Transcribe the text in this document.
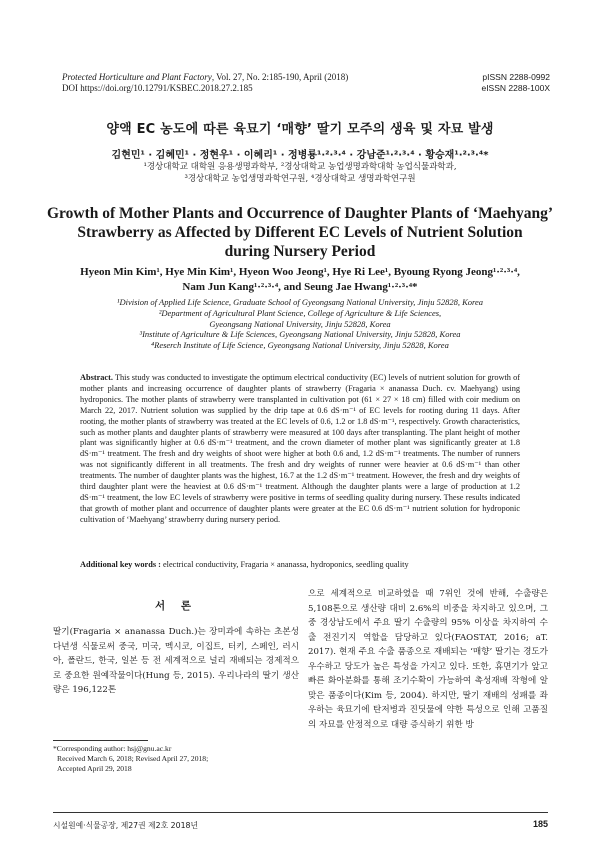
Protected Horticulture and Plant Factory, Vol. 27, No. 2:185-190, April (2018)
DOI https://doi.org/10.12791/KSBEC.2018.27.2.185
pISSN 2288-0992
eISSN 2288-100X
양액 EC 농도에 따른 육묘기 ‘매향’ 딸기 모주의 생육 및 자묘 발생
김현민¹ · 김혜민¹ · 정현우¹ · 이혜리¹ · 정병룡¹·²·³·⁴ · 강남준¹·²·³·⁴ · 황승재¹·²·³·⁴*
¹경상대학교 대학원 응용생명과학부, ²경상대학교 농업생명과학대학 농업식물과학과,
³경상대학교 농업생명과학연구원, ⁴경상대학교 생명과학연구원
Growth of Mother Plants and Occurrence of Daughter Plants of ‘Maehyang’
Strawberry as Affected by Different EC Levels of Nutrient Solution
during Nursery Period
Hyeon Min Kim¹, Hye Min Kim¹, Hyeon Woo Jeong¹, Hye Ri Lee¹, Byoung Ryong Jeong¹·²·³·⁴,
Nam Jun Kang¹·²·³·⁴, and Seung Jae Hwang¹·²·³·⁴*
¹Division of Applied Life Science, Graduate School of Gyeongsang National University, Jinju 52828, Korea
²Department of Agricultural Plant Science, College of Agriculture & Life Sciences,
Gyeongsang National University, Jinju 52828, Korea
³Institute of Agriculture & Life Sciences, Gyeongsang National University, Jinju 52828, Korea
⁴Reserch Institute of Life Science, Gyeongsang National University, Jinju 52828, Korea
Abstract. This study was conducted to investigate the optimum electrical conductivity (EC) levels of nutrient solution for growth of mother plants and increasing occurrence of daughter plants of strawberry (Fragaria × ananassa Duch. cv. Maehyang) using hydroponics. The mother plants of strawberry were transplanted in cultivation pot (61 × 27 × 18 cm) filled with coir medium on March 22, 2017. Nutrient solution was supplied by the drip tape at 0.6 dS·m⁻¹ of EC levels for rooting during 11 days. After rooting, the mother plants of strawberry was treated at the EC levels of 0.6, 1.2 or 1.8 dS·m⁻¹, respectively. Growth characteristics, such as mother plants and daughter plants of strawberry were measured at 100 days after transplanting. The plant height of mother plant was significantly higher at 0.6 dS·m⁻¹ treatment, and the crown diameter of mother plant was significantly greater at 1.8 dS·m⁻¹ treatment. The fresh and dry weights of shoot were higher at both 0.6 and, 1.2 dS·m⁻¹ treatments. The number of runners was not significantly different in all treatments. The fresh and dry weights of runner were heavier at 0.6 dS·m⁻¹ than other treatments. The number of daughter plants was the highest, 16.7 at the 1.2 dS·m⁻¹ treatment. However, the fresh and dry weights of third daughter plant were the heaviest at 0.6 dS·m⁻¹ treatment. Although the daughter plants were a large of production at 1.2 dS·m⁻¹ treatment, the low EC levels of strawberry were positive in terms of seedling quality during nursery. These results indicated that growth of mother plant and occurrence of daughter plants were greater at the EC 0.6 dS·m⁻¹ nutrient solution for hydroponic cultivation of ‘Maehyang’ strawberry during nursery period.
Additional key words : electrical conductivity, Fragaria × ananassa, hydroponics, seedling quality
서 론
딸기(Fragaria × ananassa Duch.)는 장미과에 속하는 초본성 다년생 식물로써 중국, 미국, 멕시코, 이집트, 터키, 스페인, 러시아, 폴란드, 한국, 일본 등 전 세계적으로 널리 재배되는 경제적으로 중요한 원예작물이다(Hung 등, 2015). 우리나라의 딸기 생산량은 196,122톤
으로 세계적으로 비교하였을 때 7위인 것에 반해, 수출량은 5,108톤으로 생산량 대비 2.6%의 비중을 차지하고 있으며, 그 중 경상남도에서 주요 딸기 수출량의 95% 이상을 차지하여 수출 전진기지 역할을 담당하고 있다(FAOSTAT, 2016; aT. 2017). 현재 주요 수출 품종으로 재배되는 ‘매향’ 딸기는 경도가 우수하고 당도가 높은 특성을 가지고 있다. 또한, 휴면기가 앞고 빠른 화아분화를 통해 조기수확이 가능하여 촉성재배 작형에 알맞은 품종이다(Kim 등, 2004). 하지만, 딸기 재배의 성패를 좌우하는 육묘기에 탄저병과 진딧물에 약한 특성으로 인해 고품질의 자묘를 안정적으로 대량 증식하기 위한 방
*Corresponding author: hsj@gnu.ac.kr
Received March 6, 2018; Revised April 27, 2018;
Accepted April 29, 2018
시설원예·식물공장, 제27권 제2호 2018년	185
